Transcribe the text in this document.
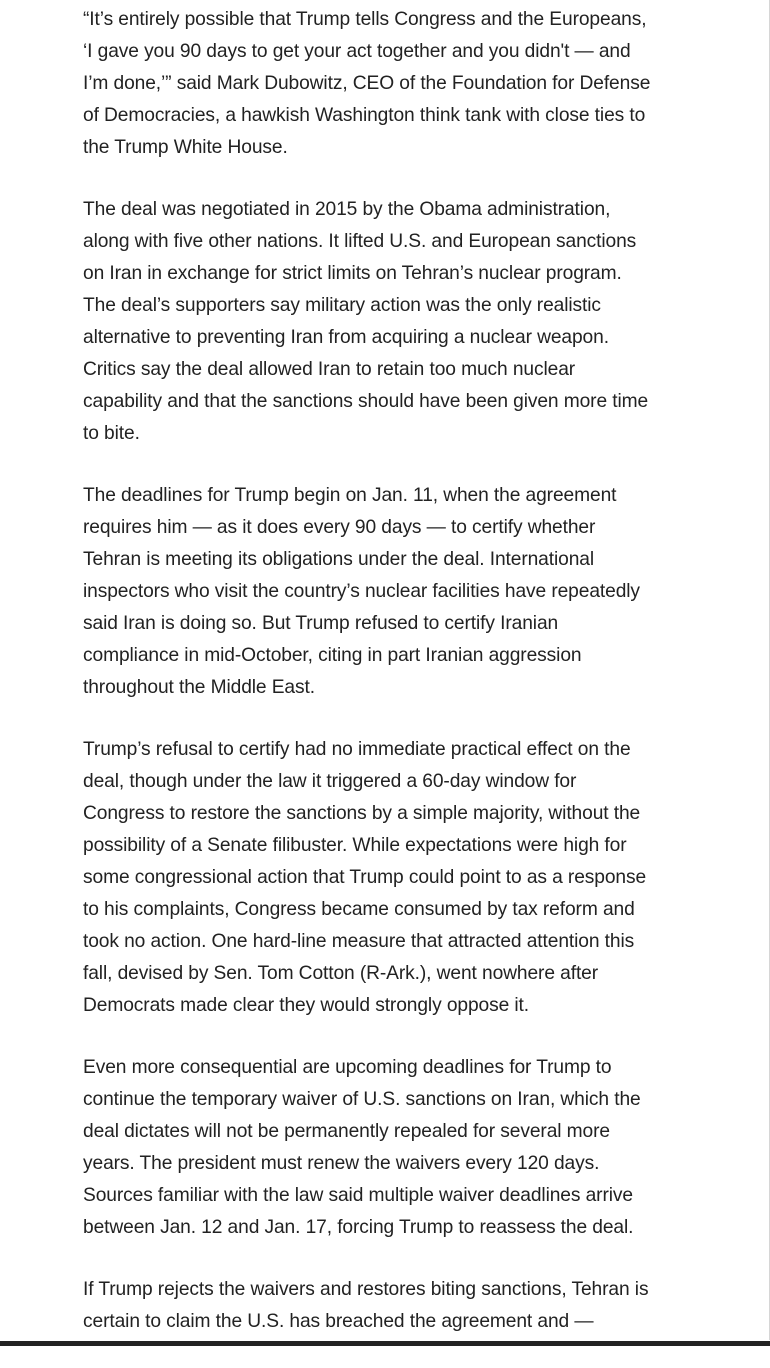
“It’s entirely possible that Trump tells Congress and the Europeans,
‘I gave you 90 days to get your act together and you didn't — and
I’m done,’” said Mark Dubowitz, CEO of the Foundation for Defense
of Democracies, a hawkish Washington think tank with close ties to
the Trump White House.

The deal was negotiated in 2015 by the Obama administration,
along with five other nations. It lifted U.S. and European sanctions
on Iran in exchange for strict limits on Tehran’s nuclear program.
The deal’s supporters say military action was the only realistic
alternative to preventing Iran from acquiring a nuclear weapon.
Critics say the deal allowed Iran to retain too much nuclear
capability and that the sanctions should have been given more time
to bite.

The deadlines for Trump begin on Jan. 11, when the agreement
requires him — as it does every 90 days — to certify whether
Tehran is meeting its obligations under the deal. International
inspectors who visit the country’s nuclear facilities have repeatedly
said Iran is doing so. But Trump refused to certify Iranian
compliance in mid-October, citing in part Iranian aggression
throughout the Middle East.

Trump’s refusal to certify had no immediate practical effect on the
deal, though under the law it triggered a 60-day window for
Congress to restore the sanctions by a simple majority, without the
possibility of a Senate filibuster. While expectations were high for
some congressional action that Trump could point to as a response
to his complaints, Congress became consumed by tax reform and
took no action. One hard-line measure that attracted attention this
fall, devised by Sen. Tom Cotton (R-Ark.), went nowhere after
Democrats made clear they would strongly oppose it.

Even more consequential are upcoming deadlines for Trump to
continue the temporary waiver of U.S. sanctions on Iran, which the
deal dictates will not be permanently repealed for several more
years. The president must renew the waivers every 120 days.
Sources familiar with the law said multiple waiver deadlines arrive
between Jan. 12 and Jan. 17, forcing Trump to reassess the deal.

If Trump rejects the waivers and restores biting sanctions, Tehran is
certain to claim the U.S. has breached the agreement and —
